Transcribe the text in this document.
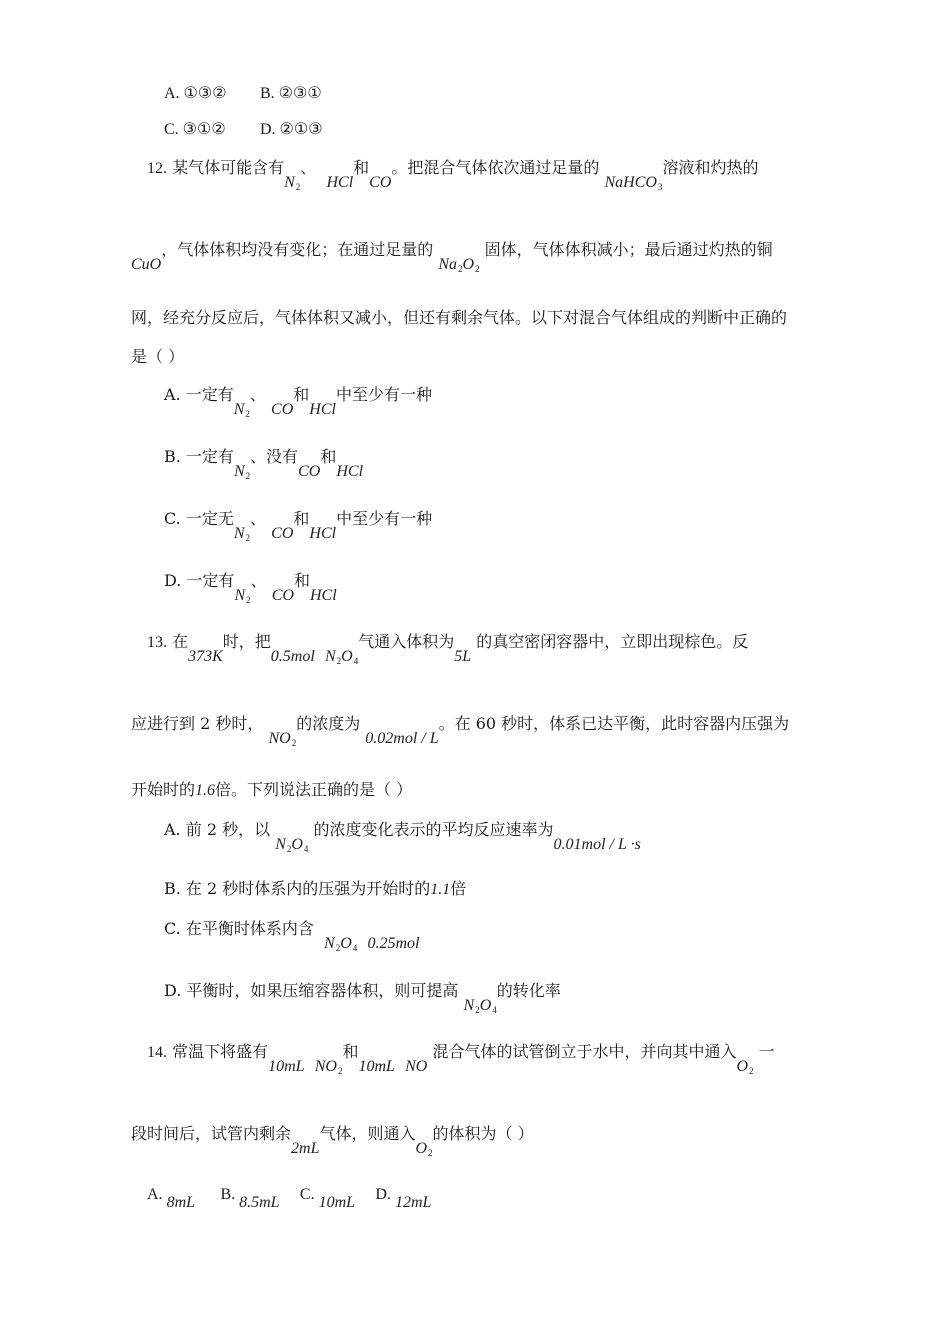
A. ①③② B. ②③①
C. ③①② D. ②①③
12. 某气体可能含有$N_2$、  HCl和CO。把混合气体依次通过足量的 NaHCO$_3$溶液和灼热的
CuO，气体体积均没有变化；在通过足量的 $Na_2O_2$ 固体，气体体积减小；最后通过灼热的铜
网，经充分反应后，气体体积又减小，但还有剩余气体。以下对混合气体组成的判断中正确的
是（ ）
A. 一定有$N_2$、 CO和HCl中至少有一种
B. 一定有$N_2$、没有CO和HCl
C. 一定无$N_2$、 CO和HCl中至少有一种
D. 一定有$N_2$、 CO和HCl
13. 在373K时，把0.5mol $N_2O_4$气通入体积为5L 的真空密闭容器中，立即出现棕色。反
应进行到 2 秒时， $NO_2$的浓度为 0.02mol / L。在 60 秒时，体系已达平衡，此时容器内压强为
开始时的1.6倍。下列说法正确的是（ ）
A. 前 2 秒，以 $N_2O_4$ 的浓度变化表示的平均反应速率为0.01mol / L ·s
B. 在 2 秒时体系内的压强为开始时的1.1倍
C. 在平衡时体系内含  $N_2O_4$ 0.25mol
D. 平衡时，如果压缩容器体积，则可提高 $N_2O_4$的转化率
14. 常温下将盛有10mL $NO_2$和10mL NO 混合气体的试管倒立于水中，并向其中通入$O_2$ 一
段时间后，试管内剩余2mL气体，则通入$O_2$的体积为（ ）
A. 8mL B. 8.5mL C. 10mL D. 12mL
